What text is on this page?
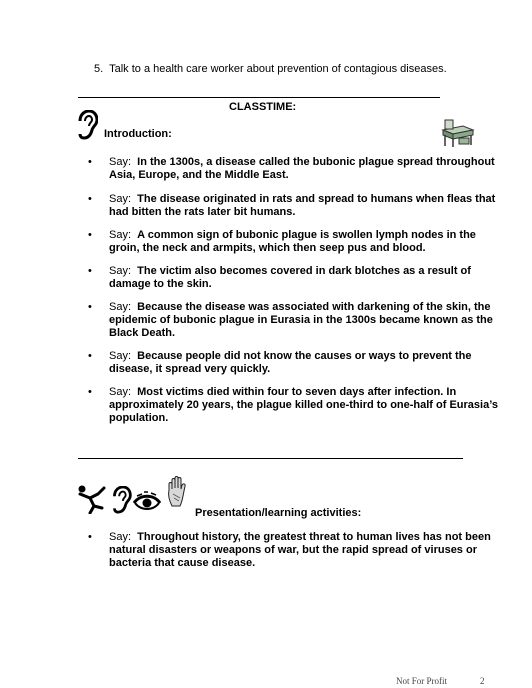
5. Talk to a health care worker about prevention of contagious diseases.
CLASSTIME:
Introduction:
• Say: In the 1300s, a disease called the bubonic plague spread throughout Asia, Europe, and the Middle East.
• Say: The disease originated in rats and spread to humans when fleas that had bitten the rats later bit humans.
• Say: A common sign of bubonic plague is swollen lymph nodes in the groin, the neck and armpits, which then seep pus and blood.
• Say: The victim also becomes covered in dark blotches as a result of damage to the skin.
• Say: Because the disease was associated with darkening of the skin, the epidemic of bubonic plague in Eurasia in the 1300s became known as the Black Death.
• Say: Because people did not know the causes or ways to prevent the disease, it spread very quickly.
• Say: Most victims died within four to seven days after infection. In approximately 20 years, the plague killed one-third to one-half of Eurasia’s population.
Presentation/learning activities:
• Say: Throughout history, the greatest threat to human lives has not been natural disasters or weapons of war, but the rapid spread of viruses or bacteria that cause disease.
Not For Profit	2
